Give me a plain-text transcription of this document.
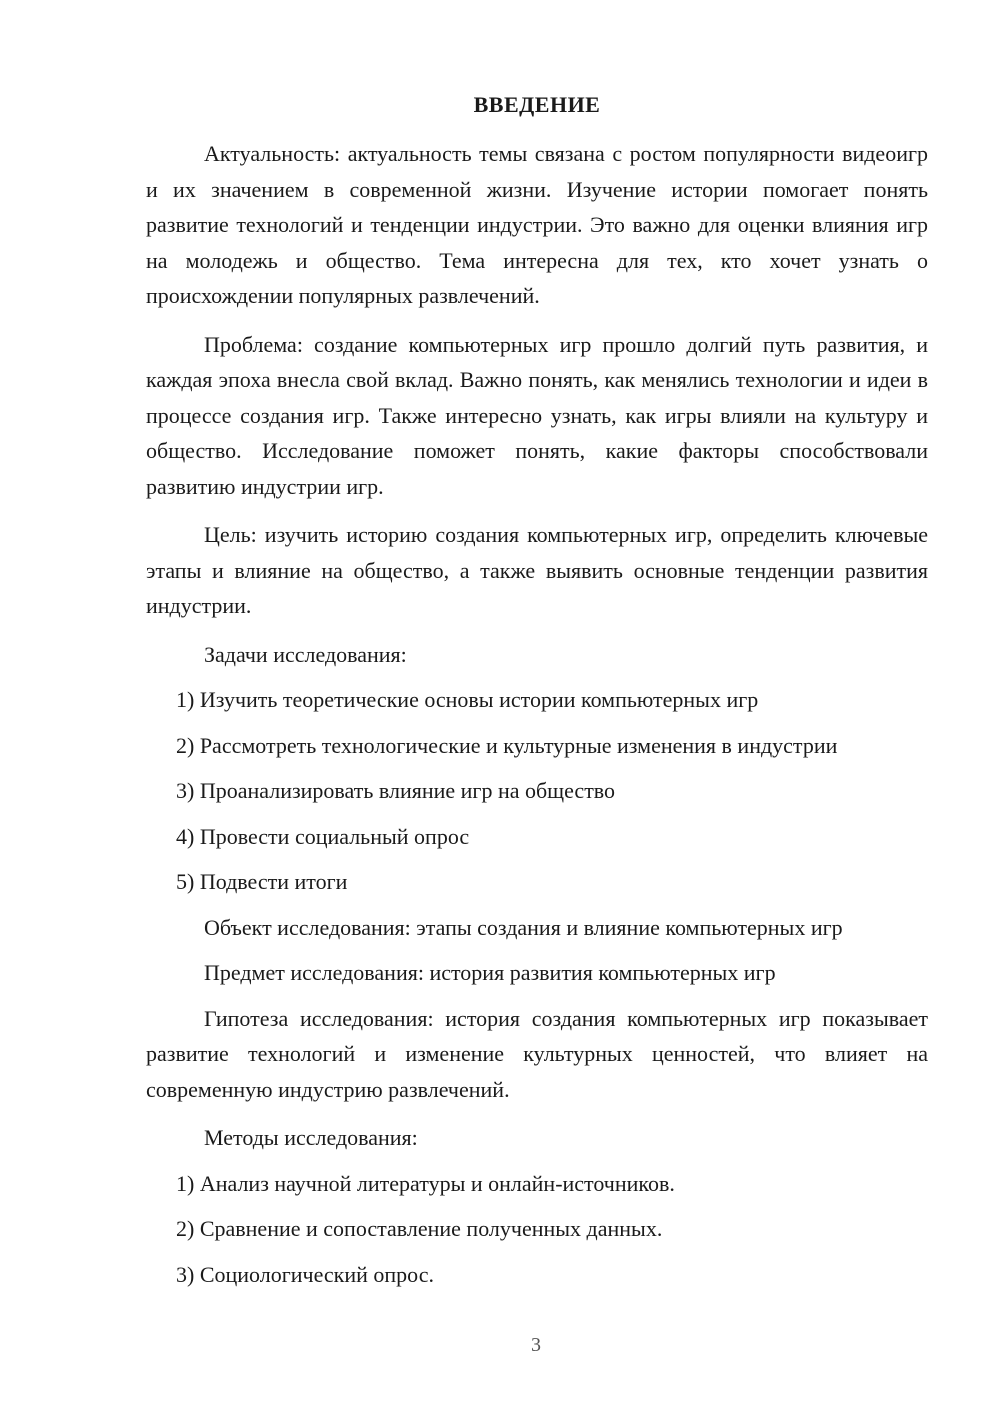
ВВЕДЕНИЕ

Актуальность: актуальность темы связана с ростом популярности видеоигр и их значением в современной жизни. Изучение истории помогает понять развитие технологий и тенденции индустрии. Это важно для оценки влияния игр на молодежь и общество. Тема интересна для тех, кто хочет узнать о происхождении популярных развлечений.

Проблема: создание компьютерных игр прошло долгий путь развития, и каждая эпоха внесла свой вклад. Важно понять, как менялись технологии и идеи в процессе создания игр. Также интересно узнать, как игры влияли на культуру и общество. Исследование поможет понять, какие факторы способствовали развитию индустрии игр.

Цель: изучить историю создания компьютерных игр, определить ключевые этапы и влияние на общество, а также выявить основные тенденции развития индустрии.

Задачи исследования:

1) Изучить теоретические основы истории компьютерных игр
2) Рассмотреть технологические и культурные изменения в индустрии
3) Проанализировать влияние игр на общество
4) Провести социальный опрос
5) Подвести итоги

Объект исследования: этапы создания и влияние компьютерных игр

Предмет исследования: история развития компьютерных игр

Гипотеза исследования: история создания компьютерных игр показывает развитие технологий и изменение культурных ценностей, что влияет на современную индустрию развлечений.

Методы исследования:

1) Анализ научной литературы и онлайн-источников.
2) Сравнение и сопоставление полученных данных.
3) Социологический опрос.
3
